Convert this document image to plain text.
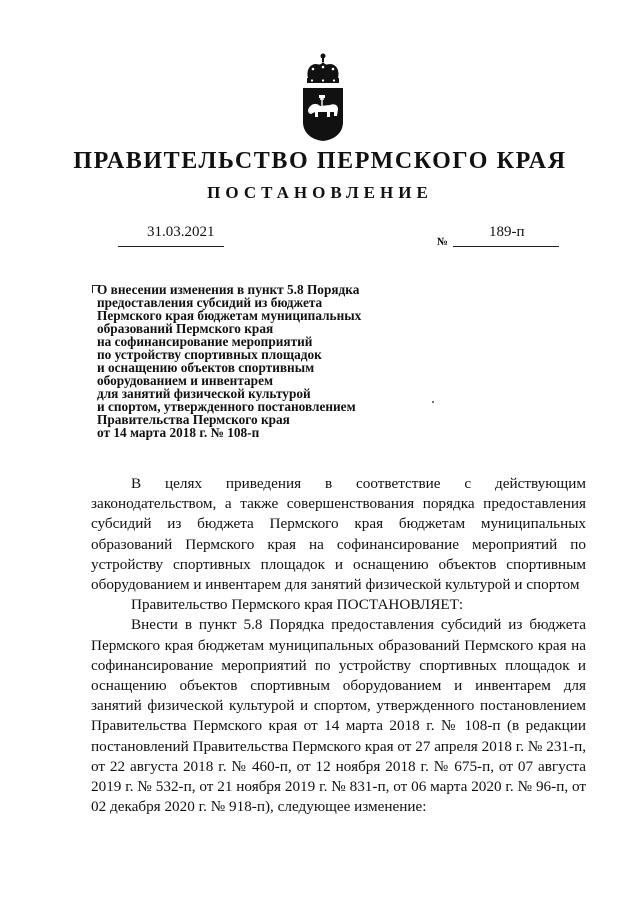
ПРАВИТЕЛЬСТВО ПЕРМСКОГО КРАЯ
ПОСТАНОВЛЕНИЕ
31.03.2021
№
189-п
О внесении изменения в пункт 5.8 Порядка
предоставления субсидий из бюджета
Пермского края бюджетам муниципальных
образований Пермского края
на софинансирование мероприятий
по устройству спортивных площадок
и оснащению объектов спортивным
оборудованием и инвентарем
для занятий физической культурой
и спортом, утвержденного постановлением
Правительства Пермского края
от 14 марта 2018 г. № 108-п

В целях приведения в соответствие с действующим законодательством, а также совершенствования порядка предоставления субсидий из бюджета Пермского края бюджетам муниципальных образований Пермского края на софинансирование мероприятий по устройству спортивных площадок и оснащению объектов спортивным оборудованием и инвентарем для занятий физической культурой и спортом

Правительство Пермского края ПОСТАНОВЛЯЕТ:

Внести в пункт 5.8 Порядка предоставления субсидий из бюджета Пермского края бюджетам муниципальных образований Пермского края на софинансирование мероприятий по устройству спортивных площадок и оснащению объектов спортивным оборудованием и инвентарем для занятий физической культурой и спортом, утвержденного постановлением Правительства Пермского края от 14 марта 2018 г. № 108-п (в редакции постановлений Правительства Пермского края от 27 апреля 2018 г. № 231-п, от 22 августа 2018 г. № 460-п, от 12 ноября 2018 г. № 675-п, от 07 августа 2019 г. № 532-п, от 21 ноября 2019 г. № 831-п, от 06 марта 2020 г. № 96-п, от 02 декабря 2020 г. № 918-п), следующее изменение:
